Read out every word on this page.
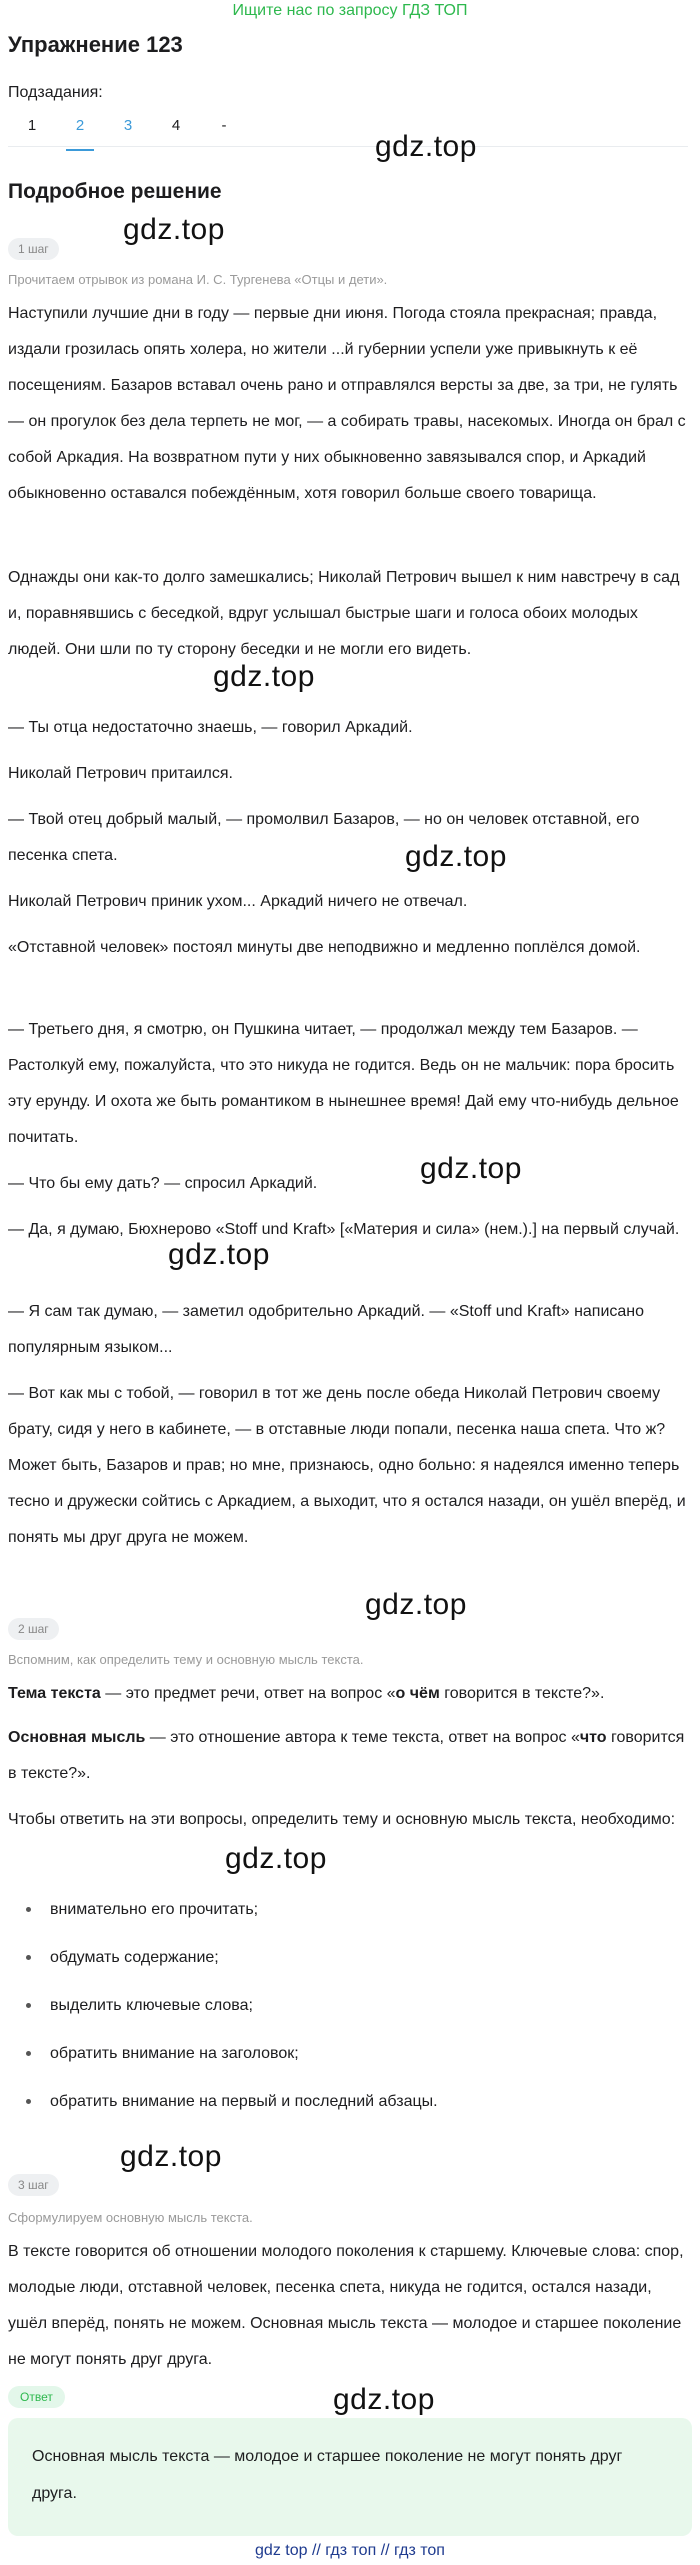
Ищите нас по запросу ГДЗ ТОП
Упражнение 123
Подзадания:
1	2	3	4	-
gdz.top
Подробное решение
1 шаг
gdz.top
Прочитаем отрывок из романа И. С. Тургенева «Отцы и дети».
Наступили лучшие дни в году — первые дни июня. Погода стояла прекрасная; правда, издали грозилась опять холера, но жители ...й губернии успели уже привыкнуть к её посещениям. Базаров вставал очень рано и отправлялся версты за две, за три, не гулять — он прогулок без дела терпеть не мог, — а собирать травы, насекомых. Иногда он брал с собой Аркадия. На возвратном пути у них обыкновенно завязывался спор, и Аркадий обыкновенно оставался побеждённым, хотя говорил больше своего товарища.
Однажды они как-то долго замешкались; Николай Петрович вышел к ним навстречу в сад и, поравнявшись с беседкой, вдруг услышал быстрые шаги и голоса обоих молодых людей. Они шли по ту сторону беседки и не могли его видеть.
gdz.top
— Ты отца недостаточно знаешь, — говорил Аркадий.
Николай Петрович притаился.
— Твой отец добрый малый, — промолвил Базаров, — но он человек отставной, его песенка спета.	gdz.top
Николай Петрович приник ухом... Аркадий ничего не отвечал.
«Отставной человек» постоял минуты две неподвижно и медленно поплёлся домой.
— Третьего дня, я смотрю, он Пушкина читает, — продолжал между тем Базаров. — Растолкуй ему, пожалуйста, что это никуда не годится. Ведь он не мальчик: пора бросить эту ерунду. И охота же быть романтиком в нынешнее время! Дай ему что-нибудь дельное почитать.
— Что бы ему дать? — спросил Аркадий.	gdz.top
— Да, я думаю, Бюхнерово «Stoff und Kraft» [«Материя и сила» (нем.).] на первый случай.
gdz.top
— Я сам так думаю, — заметил одобрительно Аркадий. — «Stoff und Kraft» написано популярным языком...
— Вот как мы с тобой, — говорил в тот же день после обеда Николай Петрович своему брату, сидя у него в кабинете, — в отставные люди попали, песенка наша спета. Что ж? Может быть, Базаров и прав; но мне, признаюсь, одно больно: я надеялся именно теперь тесно и дружески сойтись с Аркадием, а выходит, что я остался назади, он ушёл вперёд, и понять мы друг друга не можем.
gdz.top
2 шаг
Вспомним, как определить тему и основную мысль текста.
Тема текста — это предмет речи, ответ на вопрос «о чём говорится в тексте?».
Основная мысль — это отношение автора к теме текста, ответ на вопрос «что говорится в тексте?».
Чтобы ответить на эти вопросы, определить тему и основную мысль текста, необходимо:
gdz.top
внимательно его прочитать;
обдумать содержание;
выделить ключевые слова;
обратить внимание на заголовок;
обратить внимание на первый и последний абзацы.
gdz.top
3 шаг
Сформулируем основную мысль текста.
В тексте говорится об отношении молодого поколения к старшему. Ключевые слова: спор, молодые люди, отставной человек, песенка спета, никуда не годится, остался назади, ушёл вперёд, понять не можем. Основная мысль текста — молодое и старшее поколение не могут понять друг друга.
gdz.top
Ответ
Основная мысль текста — молодое и старшее поколение не могут понять друг друга.
gdz top // гдз топ // гдз топ
